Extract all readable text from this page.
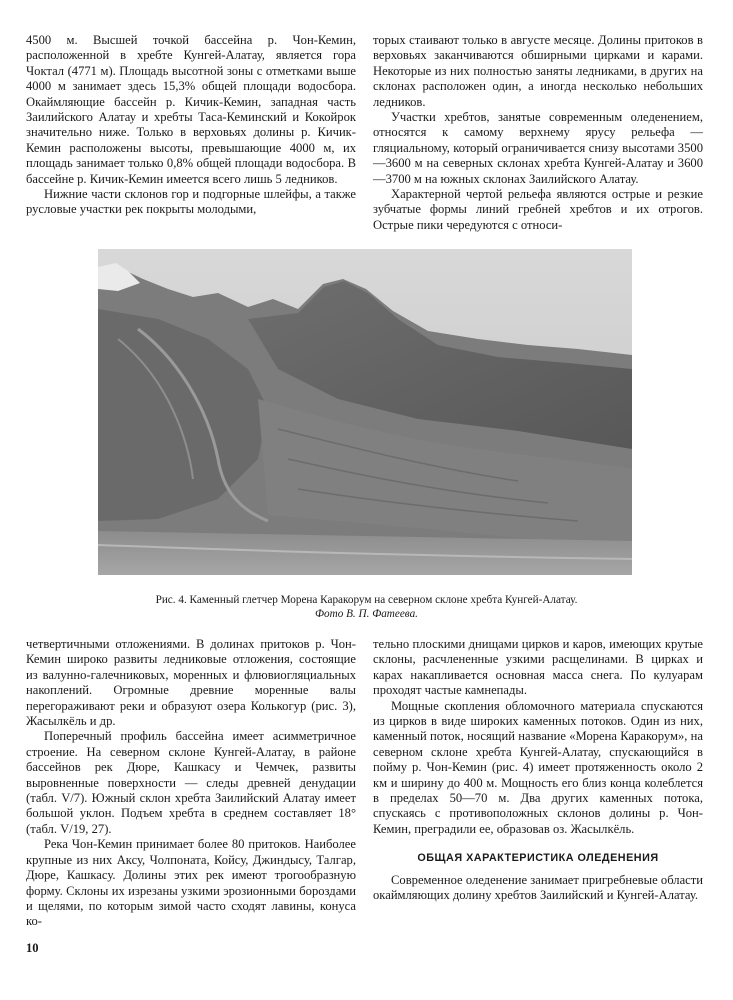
4500 м. Высшей точкой бассейна р. Чон-Кемин, расположенной в хребте Кунгей-Алатау, является гора Чоктал (4771 м). Площадь высотной зоны с отметками выше 4000 м занимает здесь 15,3% общей площади водосбора. Окаймляющие бассейн р. Кичик-Кемин, западная часть Заилийского Алатау и хребты Таса-Кеминский и Кокойрок значительно ниже. Только в верховьях долины р. Кичик-Кемин расположены высоты, превышающие 4000 м, их площадь занимает только 0,8% общей площади водосбора. В бассейне р. Кичик-Кемин имеется всего лишь 5 ледников.

Нижние части склонов гор и подгорные шлейфы, а также русловые участки рек покрыты молодыми,

торых стаивают только в августе месяце. Долины притоков в верховьях заканчиваются обширными цирками и карами. Некоторые из них полностью заняты ледниками, в других на склонах расположен один, а иногда несколько небольших ледников.

Участки хребтов, занятые современным оледенением, относятся к самому верхнему ярусу рельефа — гляциальному, который ограничивается снизу высотами 3500—3600 м на северных склонах хребта Кунгей-Алатау и 3600—3700 м на южных склонах Заилийского Алатау.

Характерной чертой рельефа являются острые и резкие зубчатые формы линий гребней хребтов и их отрогов. Острые пики чередуются с относи-

Рис. 4. Каменный глетчер Морена Каракорум на северном склоне хребта Кунгей-Алатау.
Фото В. П. Фатеева.

четвертичными отложениями. В долинах притоков р. Чон-Кемин широко развиты ледниковые отложения, состоящие из валунно-галечниковых, моренных и флювиогляциальных накоплений. Огромные древние моренные валы перегораживают реки и образуют озера Колькогур (рис. 3), Жасылкёль и др.

Поперечный профиль бассейна имеет асимметричное строение. На северном склоне Кунгей-Алатау, в районе бассейнов рек Дюре, Кашкасу и Чемчек, развиты выровненные поверхности — следы древней денудации (табл. V/7). Южный склон хребта Заилийский Алатау имеет большой уклон. Подъем хребта в среднем составляет 18° (табл. V/19, 27).

Река Чон-Кемин принимает более 80 притоков. Наиболее крупные из них Аксу, Чолпоната, Койсу, Джиндысу, Талгар, Дюре, Кашкасу. Долины этих рек имеют трогообразную форму. Склоны их изрезаны узкими эрозионными бороздами и щелями, по которым зимой часто сходят лавины, конуса ко-

тельно плоскими днищами цирков и каров, имеющих крутые склоны, расчлененные узкими расщелинами. В цирках и карах накапливается основная масса снега. По кулуарам проходят частые камнепады.

Мощные скопления обломочного материала спускаются из цирков в виде широких каменных потоков. Один из них, каменный поток, носящий название «Морена Каракорум», на северном склоне хребта Кунгей-Алатау, спускающийся в пойму р. Чон-Кемин (рис. 4) имеет протяженность около 2 км и ширину до 400 м. Мощность его близ конца колеблется в пределах 50—70 м. Два других каменных потока, спускаясь с противоположных склонов долины р. Чон-Кемин, преградили ее, образовав оз. Жасылкёль.

ОБЩАЯ ХАРАКТЕРИСТИКА ОЛЕДЕНЕНИЯ

Современное оледенение занимает пригребневые области окаймляющих долину хребтов Заилийский и Кунгей-Алатау.

10
